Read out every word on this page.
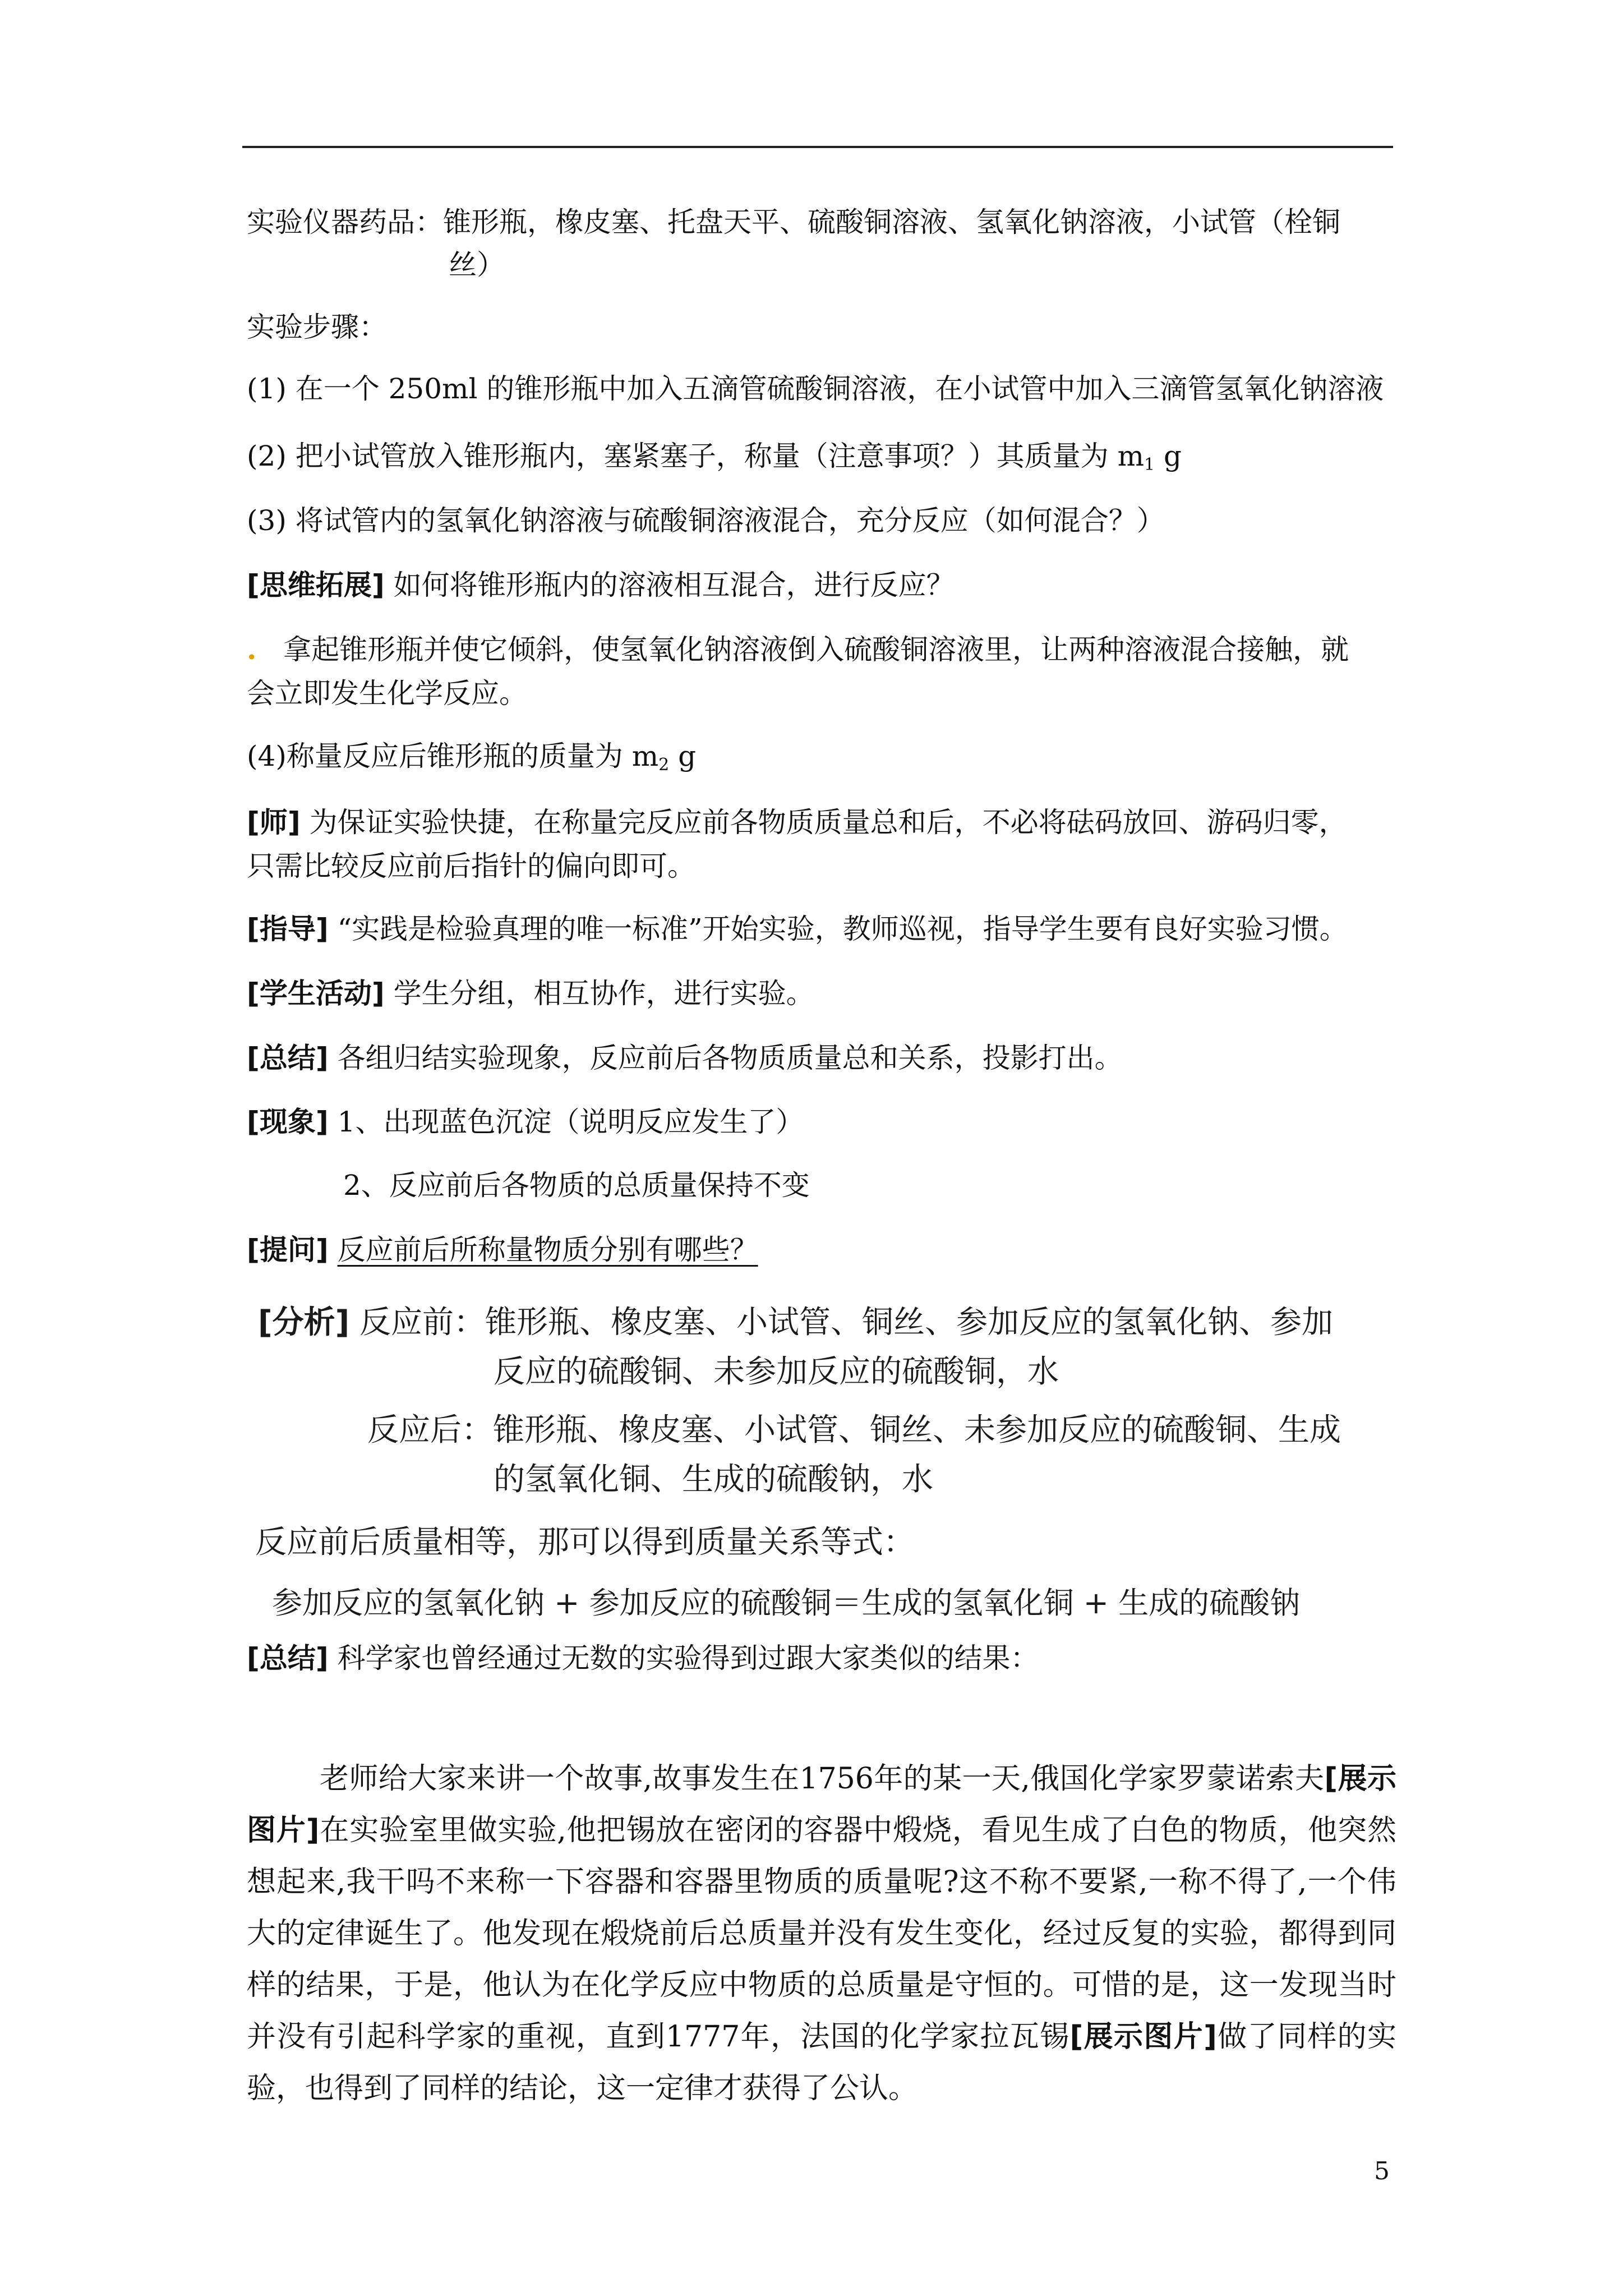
实验仪器药品：锥形瓶，橡皮塞、托盘天平、硫酸铜溶液、氢氧化钠溶液，小试管（栓铜
丝）
实验步骤：
(1) 在一个 250ml 的锥形瓶中加入五滴管硫酸铜溶液，在小试管中加入三滴管氢氧化钠溶液
(2) 把小试管放入锥形瓶内，塞紧塞子，称量（注意事项？）其质量为 $m_1$ g
(3) 将试管内的氢氧化钠溶液与硫酸铜溶液混合，充分反应（如何混合？）
[思维拓展] 如何将锥形瓶内的溶液相互混合，进行反应？
. 拿起锥形瓶并使它倾斜，使氢氧化钠溶液倒入硫酸铜溶液里，让两种溶液混合接触，就
会立即发生化学反应。
(4)称量反应后锥形瓶的质量为 $m_2$ g
[师] 为保证实验快捷，在称量完反应前各物质质量总和后，不必将砝码放回、游码归零，
只需比较反应前后指针的偏向即可。
[指导] “实践是检验真理的唯一标准”开始实验，教师巡视，指导学生要有良好实验习惯。
[学生活动] 学生分组，相互协作，进行实验。
[总结] 各组归结实验现象，反应前后各物质质量总和关系，投影打出。
[现象] 1、出现蓝色沉淀（说明反应发生了）
2、反应前后各物质的总质量保持不变
[提问] 反应前后所称量物质分别有哪些？
[分析] 反应前：锥形瓶、橡皮塞、小试管、铜丝、参加反应的氢氧化钠、参加
反应的硫酸铜、未参加反应的硫酸铜，水
反应后：锥形瓶、橡皮塞、小试管、铜丝、未参加反应的硫酸铜、生成
的氢氧化铜、生成的硫酸钠，水
反应前后质量相等，那可以得到质量关系等式：
参加反应的氢氧化钠 + 参加反应的硫酸铜＝生成的氢氧化铜 + 生成的硫酸钠
[总结] 科学家也曾经通过无数的实验得到过跟大家类似的结果：
老师给大家来讲一个故事,故事发生在1756年的某一天,俄国化学家罗蒙诺索夫[展示图片]在实验室里做实验,他把锡放在密闭的容器中煅烧，看见生成了白色的物质，他突然想起来,我干吗不来称一下容器和容器里物质的质量呢?这不称不要紧,一称不得了,一个伟大的定律诞生了。他发现在煅烧前后总质量并没有发生变化，经过反复的实验，都得到同样的结果，于是，他认为在化学反应中物质的总质量是守恒的。可惜的是，这一发现当时并没有引起科学家的重视，直到1777年，法国的化学家拉瓦锡[展示图片]做了同样的实验，也得到了同样的结论，这一定律才获得了公认。
5
